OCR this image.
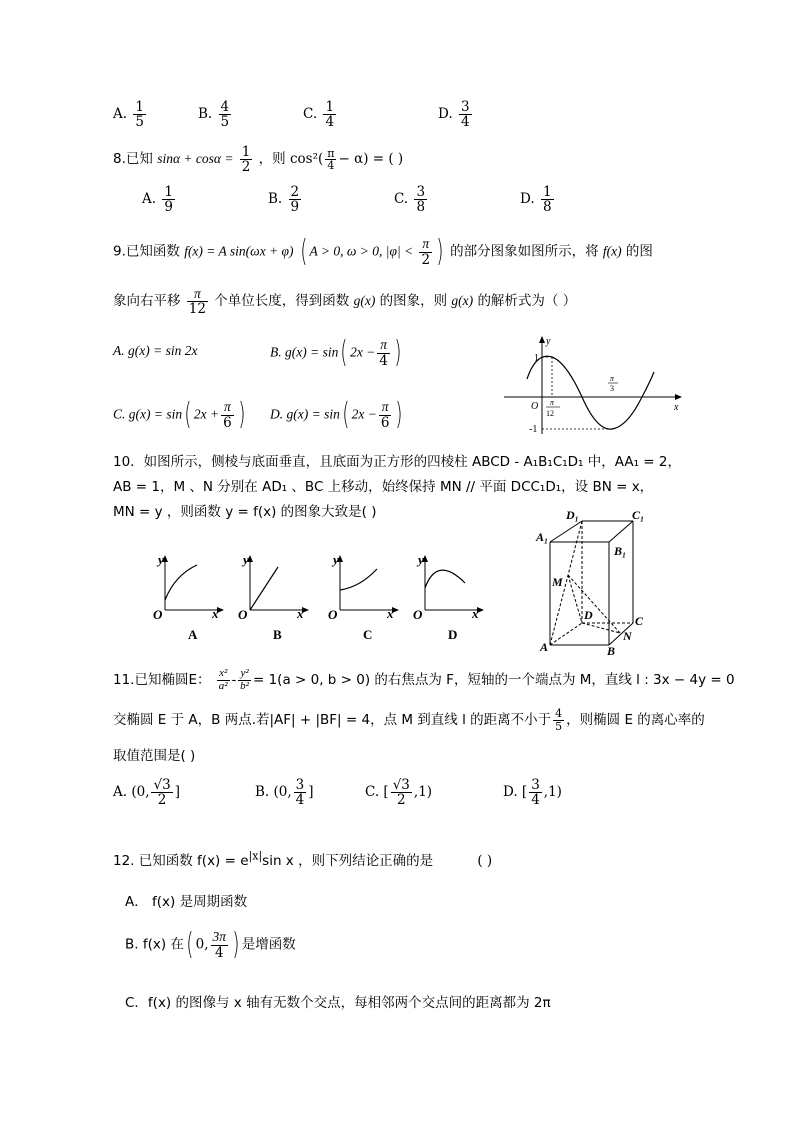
A. $\frac{1}{5}$	B. $\frac{4}{5}$	C. $\frac{1}{4}$	D. $\frac{3}{4}$
8.已知 $\sin\alpha + \cos\alpha = \frac{1}{2}$ ，则 $\cos^2( \frac{\pi}{4} - \alpha)$ = ( )
A. $\frac{1}{9}$	B. $\frac{2}{9}$	C. $\frac{3}{8}$	D. $\frac{1}{8}$
9.已知函数 f(x) = A sin(ωx + φ) ( A > 0, ω > 0, $|\varphi| < \frac{\pi}{2}$ ) 的部分图象如图所示，将 f(x) 的图
象向右平移 $\frac{\pi}{12}$ 个单位长度，得到函数 g(x) 的图象，则 g(x) 的解析式为（ ）
A. g(x) = sin 2x	B. g(x) = sin( $2x - \frac{\pi}{4}$ )
C. g(x) = sin( $2x + \frac{\pi}{6}$ ) D. g(x) = sin( $2x - \frac{\pi}{6}$ )
y
x
O
1
-1
π
3
π
12
10．如图所示，侧棱与底面垂直，且底面为正方形的四棱柱 ABCD - A₁B₁C₁D₁ 中，AA₁ = 2，
AB = 1，M 、N 分别在 AD₁ 、BC 上移动，始终保持 MN // 平面 DCC₁D₁，设 BN = x，
MN = y ，则函数 y = f(x) 的图象大致是( )
y
x
O
A
y
x
O
B
y
x
O
C
y
x
O
D
A₁
B₁
C₁
D₁
M
D	C
N
A	B
11.已知椭圆E： $\frac{\text{x²}}{\text{a²}} - \frac{\text{y²}}{\text{b²}} = 1(a > 0$, b > 0) 的右焦点为 F，短轴的一个端点为 M，直线 l : 3x − 4y = 0
交椭圆 E 于 A，B 两点.若|AF| + |BF| = 4，点 M 到直线 l 的距离不小于 $\frac{4}{5}$ ，则椭圆 E 的离心率的
取值范围是( )
A. (0, $\frac{√3}{2}$ ]	B. (0, $\frac{3}{4}$ ]	C. [ $\frac{√3}{2} ,1$)	D. [ $\frac{3}{4} ,1$)
12. 已知函数 $f(x) = e^{|x|}\sin$ x ，则下列结论正确的是	( )
A． f(x) 是周期函数
B. f(x) 在( 0, $\frac{3\pi}{4}$ ) 是增函数
C．f(x) 的图像与 x 轴有无数个交点，每相邻两个交点间的距离都为 2π
